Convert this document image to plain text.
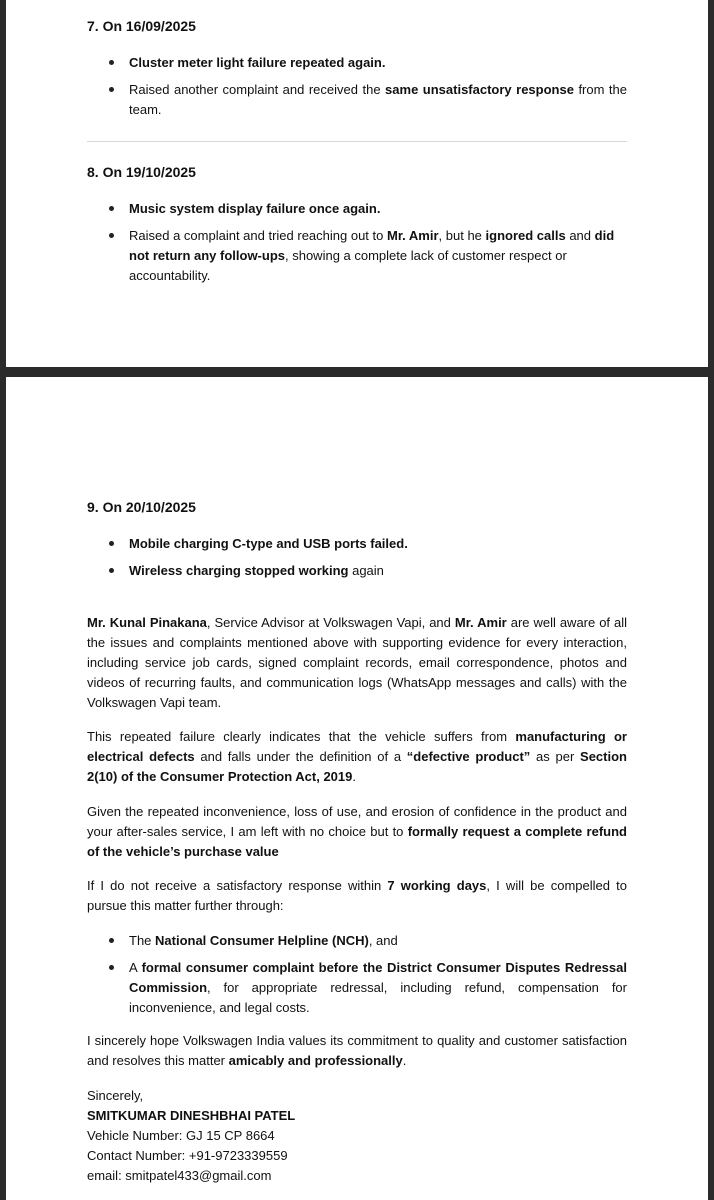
7. On 16/09/2025
Cluster meter light failure repeated again.
Raised another complaint and received the same unsatisfactory response from the team.
8. On 19/10/2025
Music system display failure once again.
Raised a complaint and tried reaching out to Mr. Amir, but he ignored calls and did not return any follow-ups, showing a complete lack of customer respect or accountability.
9. On 20/10/2025
Mobile charging C-type and USB ports failed.
Wireless charging stopped working again
Mr. Kunal Pinakana, Service Advisor at Volkswagen Vapi, and Mr. Amir are well aware of all the issues and complaints mentioned above with supporting evidence for every interaction, including service job cards, signed complaint records, email correspondence, photos and videos of recurring faults, and communication logs (WhatsApp messages and calls) with the Volkswagen Vapi team.
This repeated failure clearly indicates that the vehicle suffers from manufacturing or electrical defects and falls under the definition of a “defective product” as per Section 2(10) of the Consumer Protection Act, 2019.
Given the repeated inconvenience, loss of use, and erosion of confidence in the product and your after-sales service, I am left with no choice but to formally request a complete refund of the vehicle’s purchase value
If I do not receive a satisfactory response within 7 working days, I will be compelled to pursue this matter further through:
The National Consumer Helpline (NCH), and
A formal consumer complaint before the District Consumer Disputes Redressal Commission, for appropriate redressal, including refund, compensation for inconvenience, and legal costs.
I sincerely hope Volkswagen India values its commitment to quality and customer satisfaction and resolves this matter amicably and professionally.
Sincerely,
SMITKUMAR DINESHBHAI PATEL
Vehicle Number: GJ 15 CP 8664
Contact Number: +91-9723339559
email: smitpatel433@gmail.com
